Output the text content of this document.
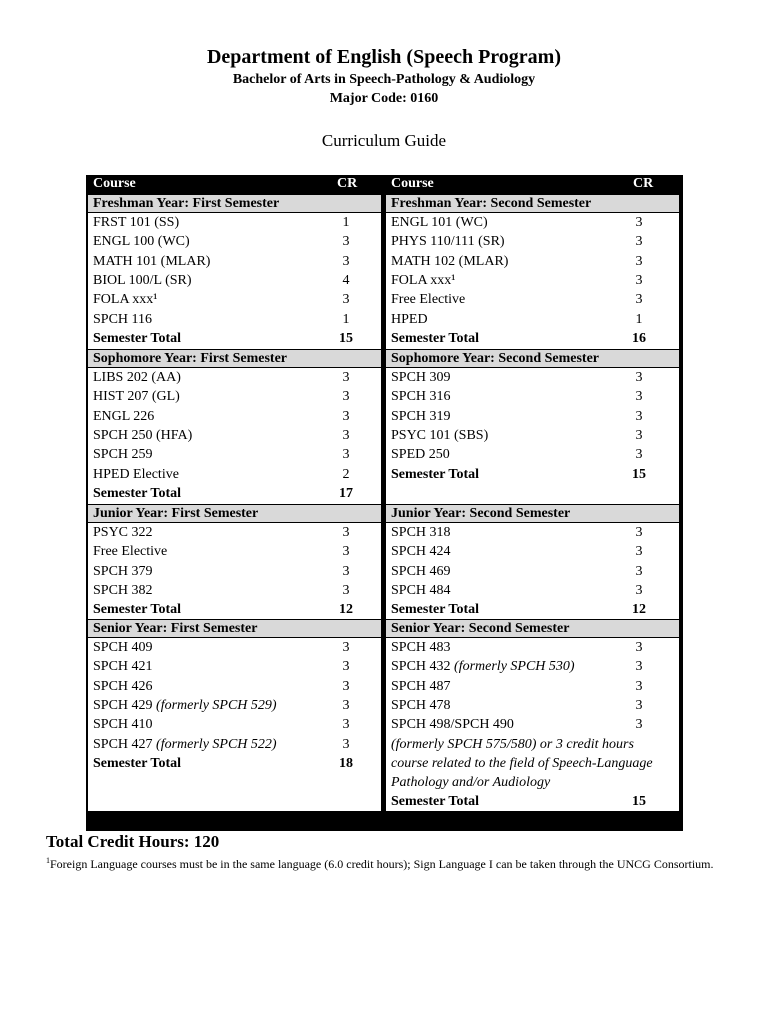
Department of English (Speech Program)
Bachelor of Arts in Speech-Pathology & Audiology
Major Code: 0160
Curriculum Guide
Course	CR
Freshman Year: First Semester
FRST 101 (SS)	1
ENGL 100 (WC)	3
MATH 101 (MLAR)	3
BIOL 100/L (SR)	4
FOLA xxx¹	3
SPCH 116	1
Semester Total	15
Sophomore Year: First Semester
LIBS 202 (AA)	3
HIST 207 (GL)	3
ENGL 226	3
SPCH 250 (HFA)	3
SPCH 259	3
HPED Elective	2
Semester Total	17
Junior Year: First Semester
PSYC 322	3
Free Elective	3
SPCH 379	3
SPCH 382	3
Semester Total	12
Senior Year: First Semester
SPCH 409	3
SPCH 421	3
SPCH 426	3
SPCH 429 (formerly SPCH 529)	3
SPCH 410	3
SPCH 427 (formerly SPCH 522)	3
Semester Total	18
Course	CR
Freshman Year: Second Semester
ENGL 101 (WC)	3
PHYS 110/111 (SR)	3
MATH 102 (MLAR)	3
FOLA xxx¹	3
Free Elective	3
HPED	1
Semester Total	16
Sophomore Year: Second Semester
SPCH 309	3
SPCH 316	3
SPCH 319	3
PSYC 101 (SBS)	3
SPED 250	3
Semester Total	15
Junior Year: Second Semester
SPCH 318	3
SPCH 424	3
SPCH 469	3
SPCH 484	3
Semester Total	12
Senior Year: Second Semester
SPCH 483	3
SPCH 432 (formerly SPCH 530)	3
SPCH 487	3
SPCH 478	3
SPCH 498/SPCH 490	3
(formerly SPCH 575/580) or 3 credit hours
course related to the field of Speech-Language
Pathology and/or Audiology
Semester Total	15
Total Credit Hours: 120
$^1$Foreign Language courses must be in the same language (6.0 credit hours); Sign Language I can be taken through the UNCG Consortium.
